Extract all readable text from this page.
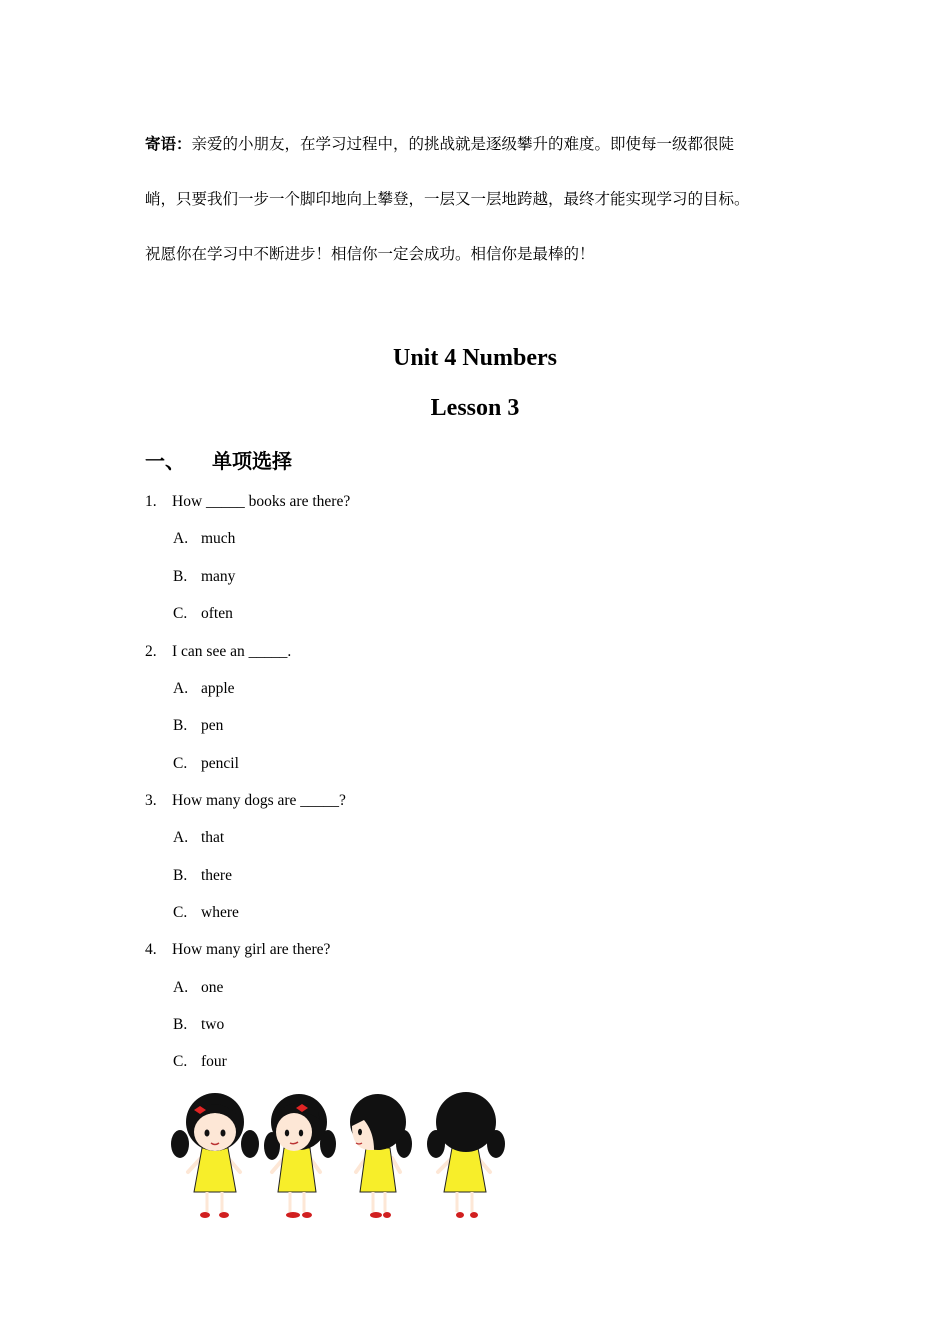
寄语：亲爱的小朋友，在学习过程中，的挑战就是逐级攀升的难度。即使每一级都很陡
峭，只要我们一步一个脚印地向上攀登，一层又一层地跨越，最终才能实现学习的目标。
祝愿你在学习中不断进步！相信你一定会成功。相信你是最棒的！
Unit 4 Numbers
Lesson 3
一、 单项选择
1. How _____ books are there?
A. much
B. many
C. often
2. I can see an _____.
A. apple
B. pen
C. pencil
3. How many dogs are _____?
A. that
B. there
C. where
4. How many girl are there?
A. one
B. two
C. four
